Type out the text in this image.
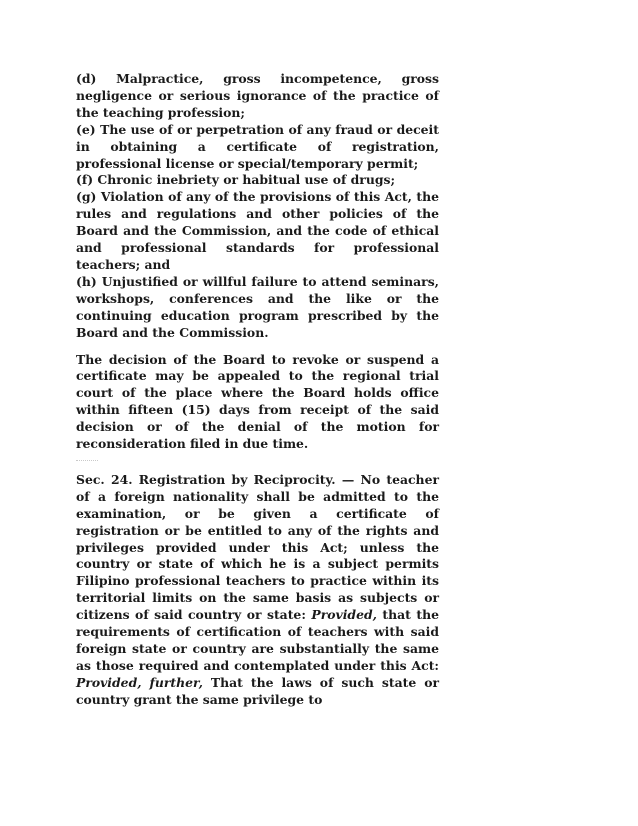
(d) Malpractice, gross incompetence, gross negligence or serious ignorance of the practice of the teaching profession;

(e) The use of or perpetration of any fraud or deceit in obtaining a certificate of registration, professional license or special/temporary permit;

(f) Chronic inebriety or habitual use of drugs;

(g) Violation of any of the provisions of this Act, the rules and regulations and other policies of the Board and the Commission, and the code of ethical and professional standards for professional teachers; and

(h) Unjustified or willful failure to attend seminars, workshops, conferences and the like or the continuing education program prescribed by the Board and the Commission.

The decision of the Board to revoke or suspend a certificate may be appealed to the regional trial court of the place where the Board holds office within fifteen (15) days from receipt of the said decision or of the denial of the motion for reconsideration filed in due time.

Sec. 24. Registration by Reciprocity. — No teacher of a foreign nationality shall be admitted to the examination, or be given a certificate of registration or be entitled to any of the rights and privileges provided under this Act; unless the country or state of which he is a subject permits Filipino professional teachers to practice within its territorial limits on the same basis as subjects or citizens of said country or state: Provided, that the requirements of certification of teachers with said foreign state or country are substantially the same as those required and contemplated under this Act: Provided, further, That the laws of such state or country grant the same privilege to
